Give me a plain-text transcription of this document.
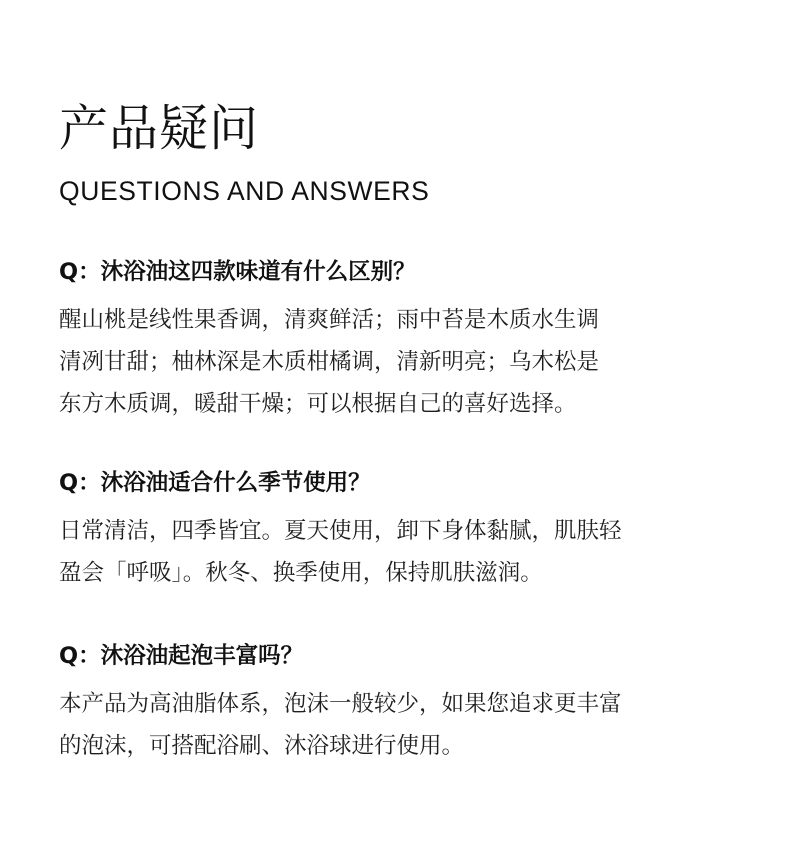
产品疑问
QUESTIONS AND ANSWERS
Q：沐浴油这四款味道有什么区别？
醒山桃是线性果香调，清爽鲜活；雨中苔是木质水生调
清冽甘甜；柚林深是木质柑橘调，清新明亮；乌木松是
东方木质调，暖甜干燥；可以根据自己的喜好选择。
Q：沐浴油适合什么季节使用？
日常清洁，四季皆宜。夏天使用，卸下身体黏腻，肌肤轻
盈会「呼吸」。秋冬、换季使用，保持肌肤滋润。
Q：沐浴油起泡丰富吗？
本产品为高油脂体系，泡沫一般较少，如果您追求更丰富
的泡沫，可搭配浴刷、沐浴球进行使用。
